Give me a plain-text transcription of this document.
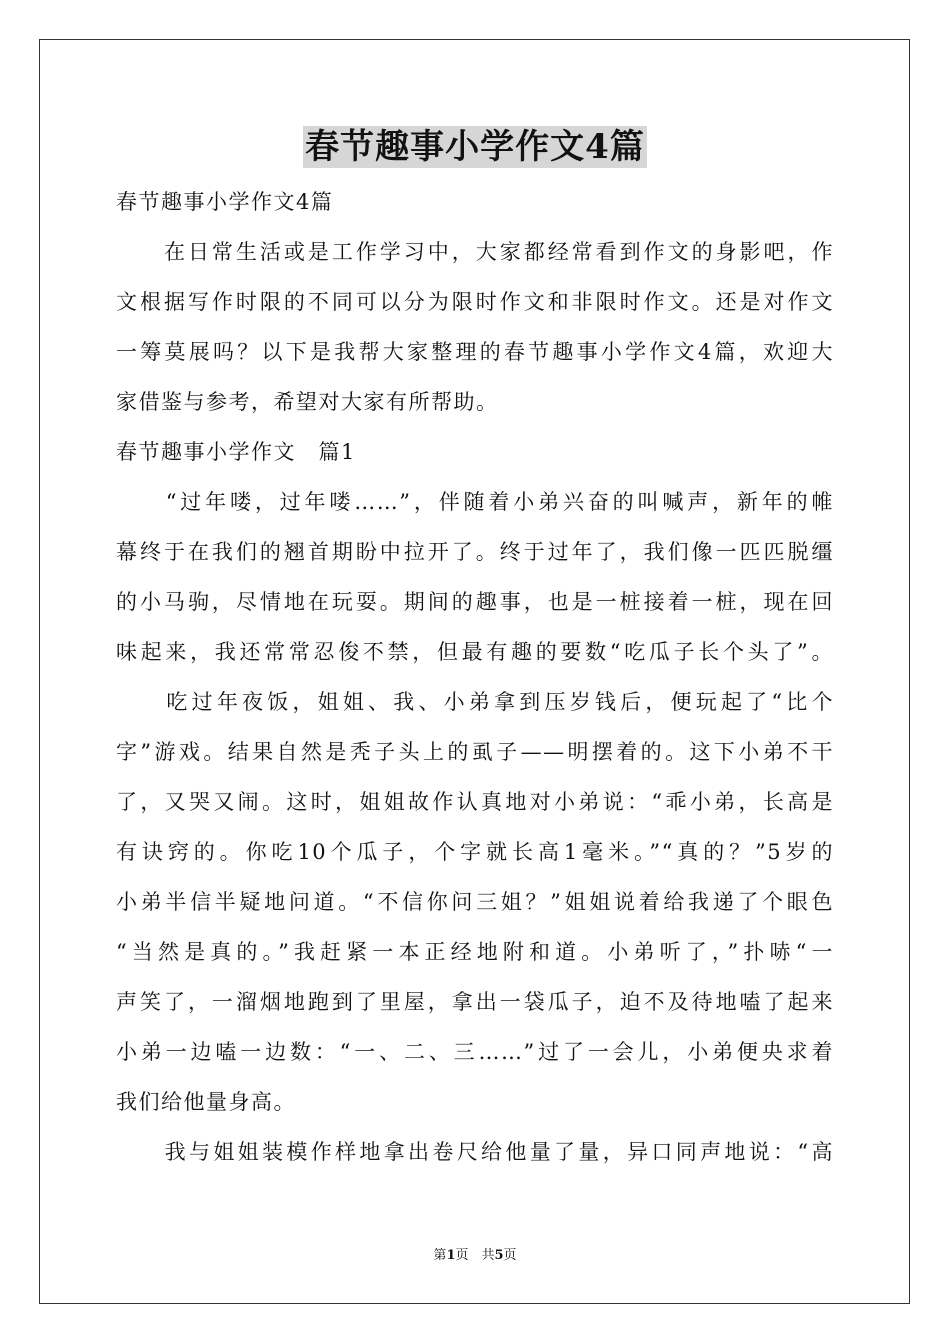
春节趣事小学作文4篇
春节趣事小学作文4篇
　　在日常生活或是工作学习中，大家都经常看到作文的身影吧，作
文根据写作时限的不同可以分为限时作文和非限时作文。还是对作文
一筹莫展吗？以下是我帮大家整理的春节趣事小学作文4篇，欢迎大
家借鉴与参考，希望对大家有所帮助。
春节趣事小学作文　篇1
　　“过年喽，过年喽……”，伴随着小弟兴奋的叫喊声，新年的帷
幕终于在我们的翘首期盼中拉开了。终于过年了，我们像一匹匹脱缰
的小马驹，尽情地在玩耍。期间的趣事，也是一桩接着一桩，现在回
味起来，我还常常忍俊不禁，但最有趣的要数“吃瓜子长个头了”。
　　吃过年夜饭，姐姐、我、小弟拿到压岁钱后，便玩起了“比个
字”游戏。结果自然是秃子头上的虱子——明摆着的。这下小弟不干
了，又哭又闹。这时，姐姐故作认真地对小弟说：“乖小弟，长高是
有诀窍的。你吃10个瓜子，个字就长高1毫米。”“真的？”5岁的
小弟半信半疑地问道。“不信你问三姐？”姐姐说着给我递了个眼色
“当然是真的。”我赶紧一本正经地附和道。小弟听了，”扑哧“一
声笑了，一溜烟地跑到了里屋，拿出一袋瓜子，迫不及待地嗑了起来
小弟一边嗑一边数：“一、二、三……”过了一会儿，小弟便央求着
我们给他量身高。
　　我与姐姐装模作样地拿出卷尺给他量了量，异口同声地说：“高
第1页　共5页
